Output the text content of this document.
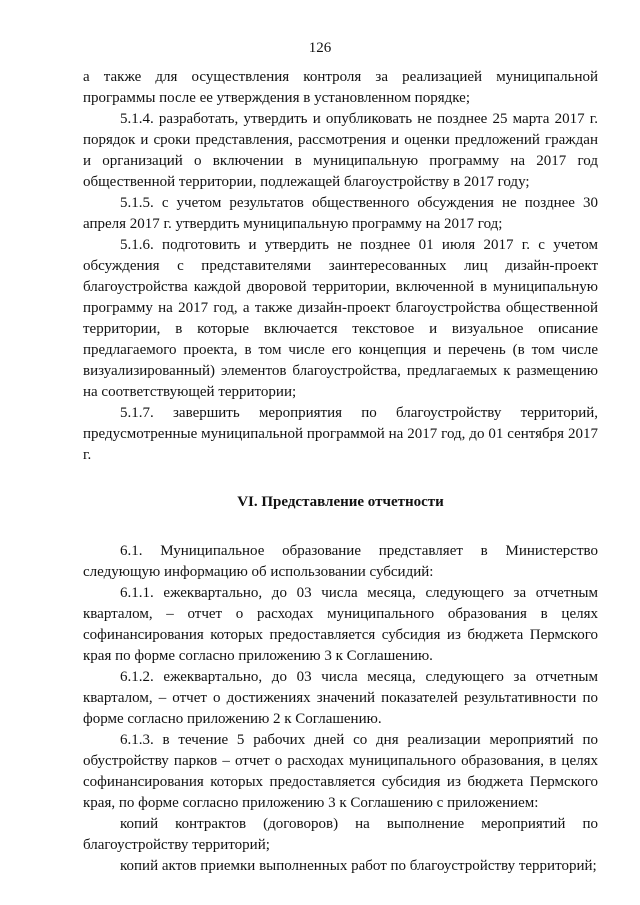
126

а также для осуществления контроля за реализацией муниципальной программы после ее утверждения в установленном порядке;

5.1.4. разработать, утвердить и опубликовать не позднее 25 марта 2017 г. порядок и сроки представления, рассмотрения и оценки предложений граждан и организаций о включении в муниципальную программу на 2017 год общественной территории, подлежащей благоустройству в 2017 году;

5.1.5. с учетом результатов общественного обсуждения не позднее 30 апреля 2017 г. утвердить муниципальную программу на 2017 год;

5.1.6. подготовить и утвердить не позднее 01 июля 2017 г. с учетом обсуждения с представителями заинтересованных лиц дизайн-проект благоустройства каждой дворовой территории, включенной в муниципальную программу на 2017 год, а также дизайн-проект благоустройства общественной территории, в которые включается текстовое и визуальное описание предлагаемого проекта, в том числе его концепция и перечень (в том числе визуализированный) элементов благоустройства, предлагаемых к размещению на соответствующей территории;

5.1.7. завершить мероприятия по благоустройству территорий, предусмотренные муниципальной программой на 2017 год, до 01 сентября 2017 г.

VI. Представление отчетности

6.1. Муниципальное образование представляет в Министерство следующую информацию об использовании субсидий:

6.1.1. ежеквартально, до 03 числа месяца, следующего за отчетным кварталом, – отчет о расходах муниципального образования в целях софинансирования которых предоставляется субсидия из бюджета Пермского края по форме согласно приложению 3 к Соглашению.

6.1.2. ежеквартально, до 03 числа месяца, следующего за отчетным кварталом, – отчет о достижениях значений показателей результативности по форме согласно приложению 2 к Соглашению.

6.1.3. в течение 5 рабочих дней со дня реализации мероприятий по обустройству парков – отчет о расходах муниципального образования, в целях софинансирования которых предоставляется субсидия из бюджета Пермского края, по форме согласно приложению 3 к Соглашению с приложением:

копий контрактов (договоров) на выполнение мероприятий по благоустройству территорий;

копий актов приемки выполненных работ по благоустройству территорий;
